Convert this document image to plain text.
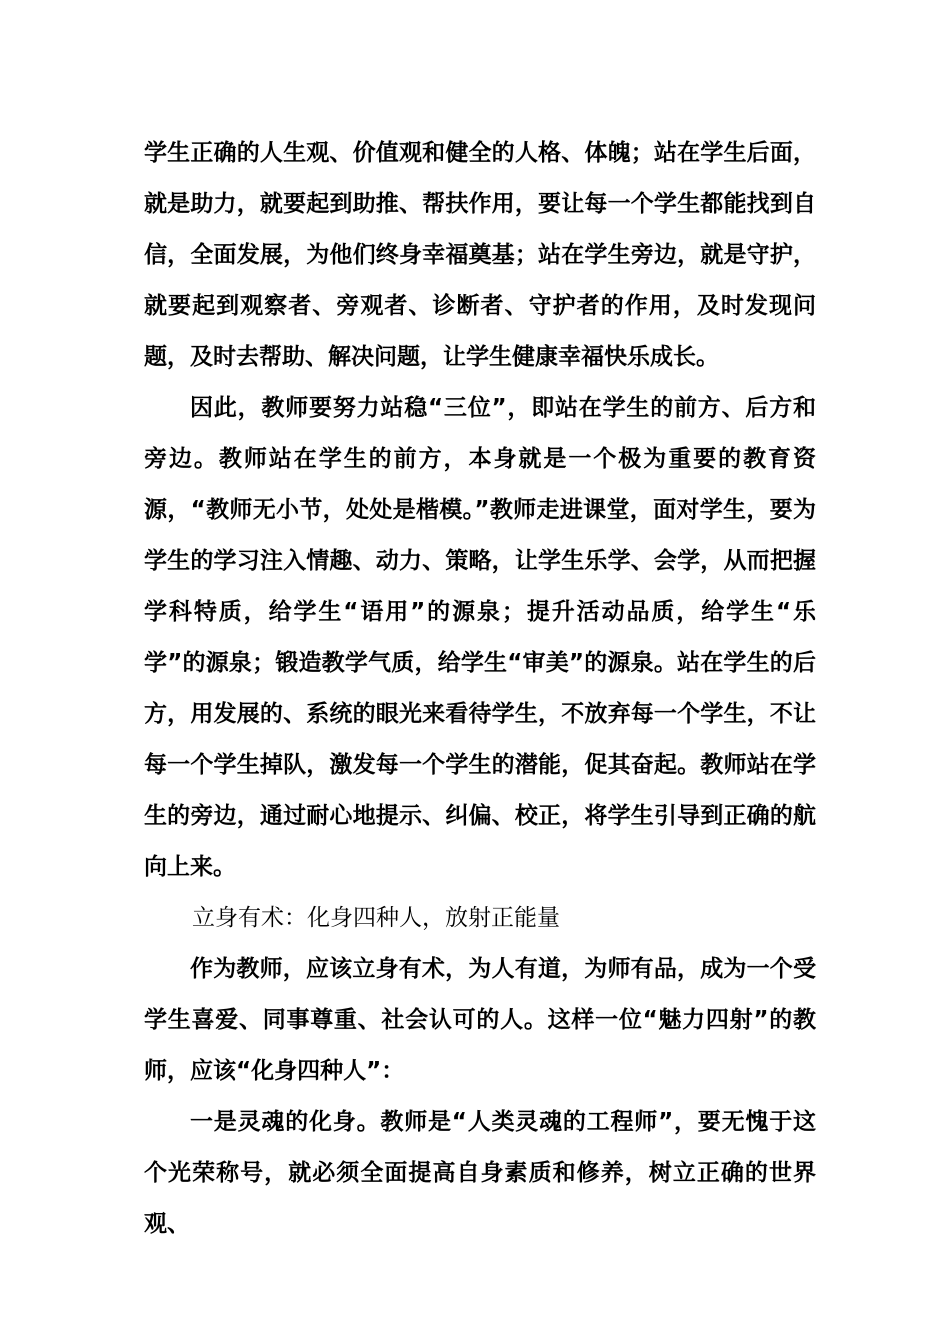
学生正确的人生观、价值观和健全的人格、体魄；站在学生后面，就是助力，就要起到助推、帮扶作用，要让每一个学生都能找到自信，全面发展，为他们终身幸福奠基；站在学生旁边，就是守护，就要起到观察者、旁观者、诊断者、守护者的作用，及时发现问题，及时去帮助、解决问题，让学生健康幸福快乐成长。

因此，教师要努力站稳“三位”，即站在学生的前方、后方和旁边。教师站在学生的前方，本身就是一个极为重要的教育资源，“教师无小节，处处是楷模。”教师走进课堂，面对学生，要为学生的学习注入情趣、动力、策略，让学生乐学、会学，从而把握学科特质，给学生“语用”的源泉；提升活动品质，给学生“乐学”的源泉；锻造教学气质，给学生“审美”的源泉。站在学生的后方，用发展的、系统的眼光来看待学生，不放弃每一个学生，不让每一个学生掉队，激发每一个学生的潜能，促其奋起。教师站在学生的旁边，通过耐心地提示、纠偏、校正，将学生引导到正确的航向上来。

立身有术：化身四种人，放射正能量

作为教师，应该立身有术，为人有道，为师有品，成为一个受学生喜爱、同事尊重、社会认可的人。这样一位“魅力四射”的教师，应该“化身四种人”：

一是灵魂的化身。教师是“人类灵魂的工程师”，要无愧于这个光荣称号，就必须全面提高自身素质和修养，树立正确的世界观、
